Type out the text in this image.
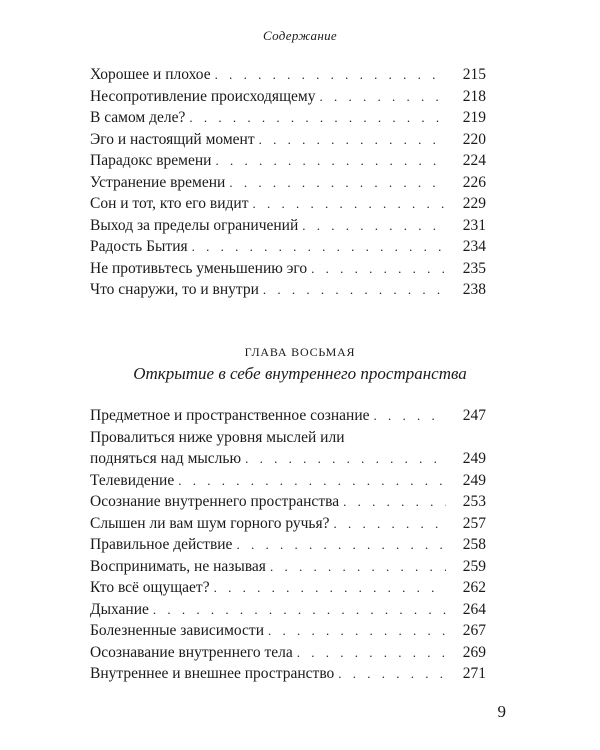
Содержание
Хорошее и плохое . . .	215
Несопротивление происходящему . . .	218
В самом деле? . . .	219
Эго и настоящий момент . . .	220
Парадокс времени . . .	224
Устранение времени . . .	226
Сон и тот, кто его видит . . .	229
Выход за пределы ограничений . . .	231
Радость Бытия . . .	234
Не противьтесь уменьшению эго . . .	235
Что снаружи, то и внутри . . .	238
ГЛАВА ВОСЬМАЯ
Открытие в себе внутреннего пространства
Предметное и пространственное сознание . . .	247
Провалиться ниже уровня мыслей или
подняться над мыслью . . .	249
Телевидение . . .	249
Осознание внутреннего пространства . . .	253
Слышен ли вам шум горного ручья? . . .	257
Правильное действие . . .	258
Воспринимать, не называя . . .	259
Кто всё ощущает? . . .	262
Дыхание . . .	264
Болезненные зависимости . . .	267
Осознавание внутреннего тела . . .	269
Внутреннее и внешнее пространство . . .	271
9
